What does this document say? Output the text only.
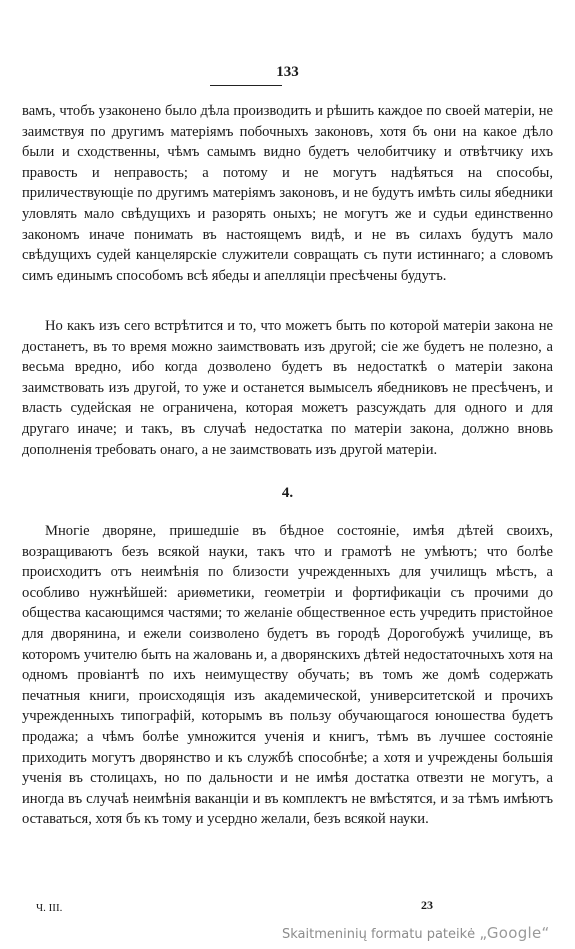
133

вамъ, чтобъ узаконено было дѣла производить и рѣшить каждое по своей матеріи, не заимствуя по другимъ матеріямъ побочныхъ законовъ, хотя бъ они на какое дѣло были и сходственны, чѣмъ самымъ видно будетъ челобитчику и отвѣтчику ихъ правость и неправость; а потому и не могутъ надѣяться на способы, приличествующіе по другимъ матеріямъ законовъ, и не будутъ имѣть силы ябедники уловлять мало свѣдущихъ и разорять оныхъ; не могутъ же и судьи единственно закономъ иначе понимать въ настоящемъ видѣ, и не въ силахъ будутъ мало свѣдущихъ судей канцелярскіе служители совращать съ пути истиннаго; а словомъ симъ единымъ способомъ всѣ ябеды и апелляціи пресѣчены будутъ.

Но какъ изъ сего встрѣтится и то, что можетъ быть по которой матеріи закона не достанетъ, въ то время можно заимствовать изъ другой; сіе же будетъ не полезно, а весьма вредно, ибо когда дозволено будетъ въ недостаткѣ о матеріи закона заимствовать изъ другой, то уже и останется вымыселъ ябедниковъ не пресѣченъ, и власть судейская не ограничена, которая можетъ разсуждать для одного и для другаго иначе; и такъ, въ случаѣ недостатка по матеріи закона, должно вновь дополненія требовать онаго, а не заимствовать изъ другой матеріи.

4.

Многіе дворяне, пришедшіе въ бѣдное состояніе, имѣя дѣтей своихъ, возращиваютъ безъ всякой науки, такъ что и грамотѣ не умѣютъ; что болѣе происходитъ отъ неимѣнія по близости учрежденныхъ для училищъ мѣстъ, а особливо нужнѣйшей: ариѳметики, геометріи и фортификаціи съ прочими до общества касающимся частями; то желаніе общественное есть учредить пристойное для дворянина, и ежели соизволено будетъ въ городѣ Дорогобужѣ училище, въ которомъ учителю быть на жаловань и, а дворянскихъ дѣтей недостаточныхъ хотя на одномъ провіантѣ по ихъ неимуществу обучать; въ томъ же домѣ содержать печатныя книги, происходящія изъ академической, университетской и прочихъ учрежденныхъ типографій, которымъ въ пользу обучающагося юношества будетъ продажа; а чѣмъ болѣе умножится ученія и книгъ, тѣмъ въ лучшее состояніе приходить могутъ дворянство и къ службѣ способнѣе; а хотя и учреждены большія ученія въ столицахъ, но по дальности и не имѣя достатка отвезти не могутъ, а иногда въ случаѣ неимѣнія ваканціи и въ комплектъ не вмѣстятся, и за тѣмъ имѣютъ оставаться, хотя бъ къ тому и усердно желали, безъ всякой науки.

Ч. III.	23
Skaitmeninių formatu pateikė „Google“
